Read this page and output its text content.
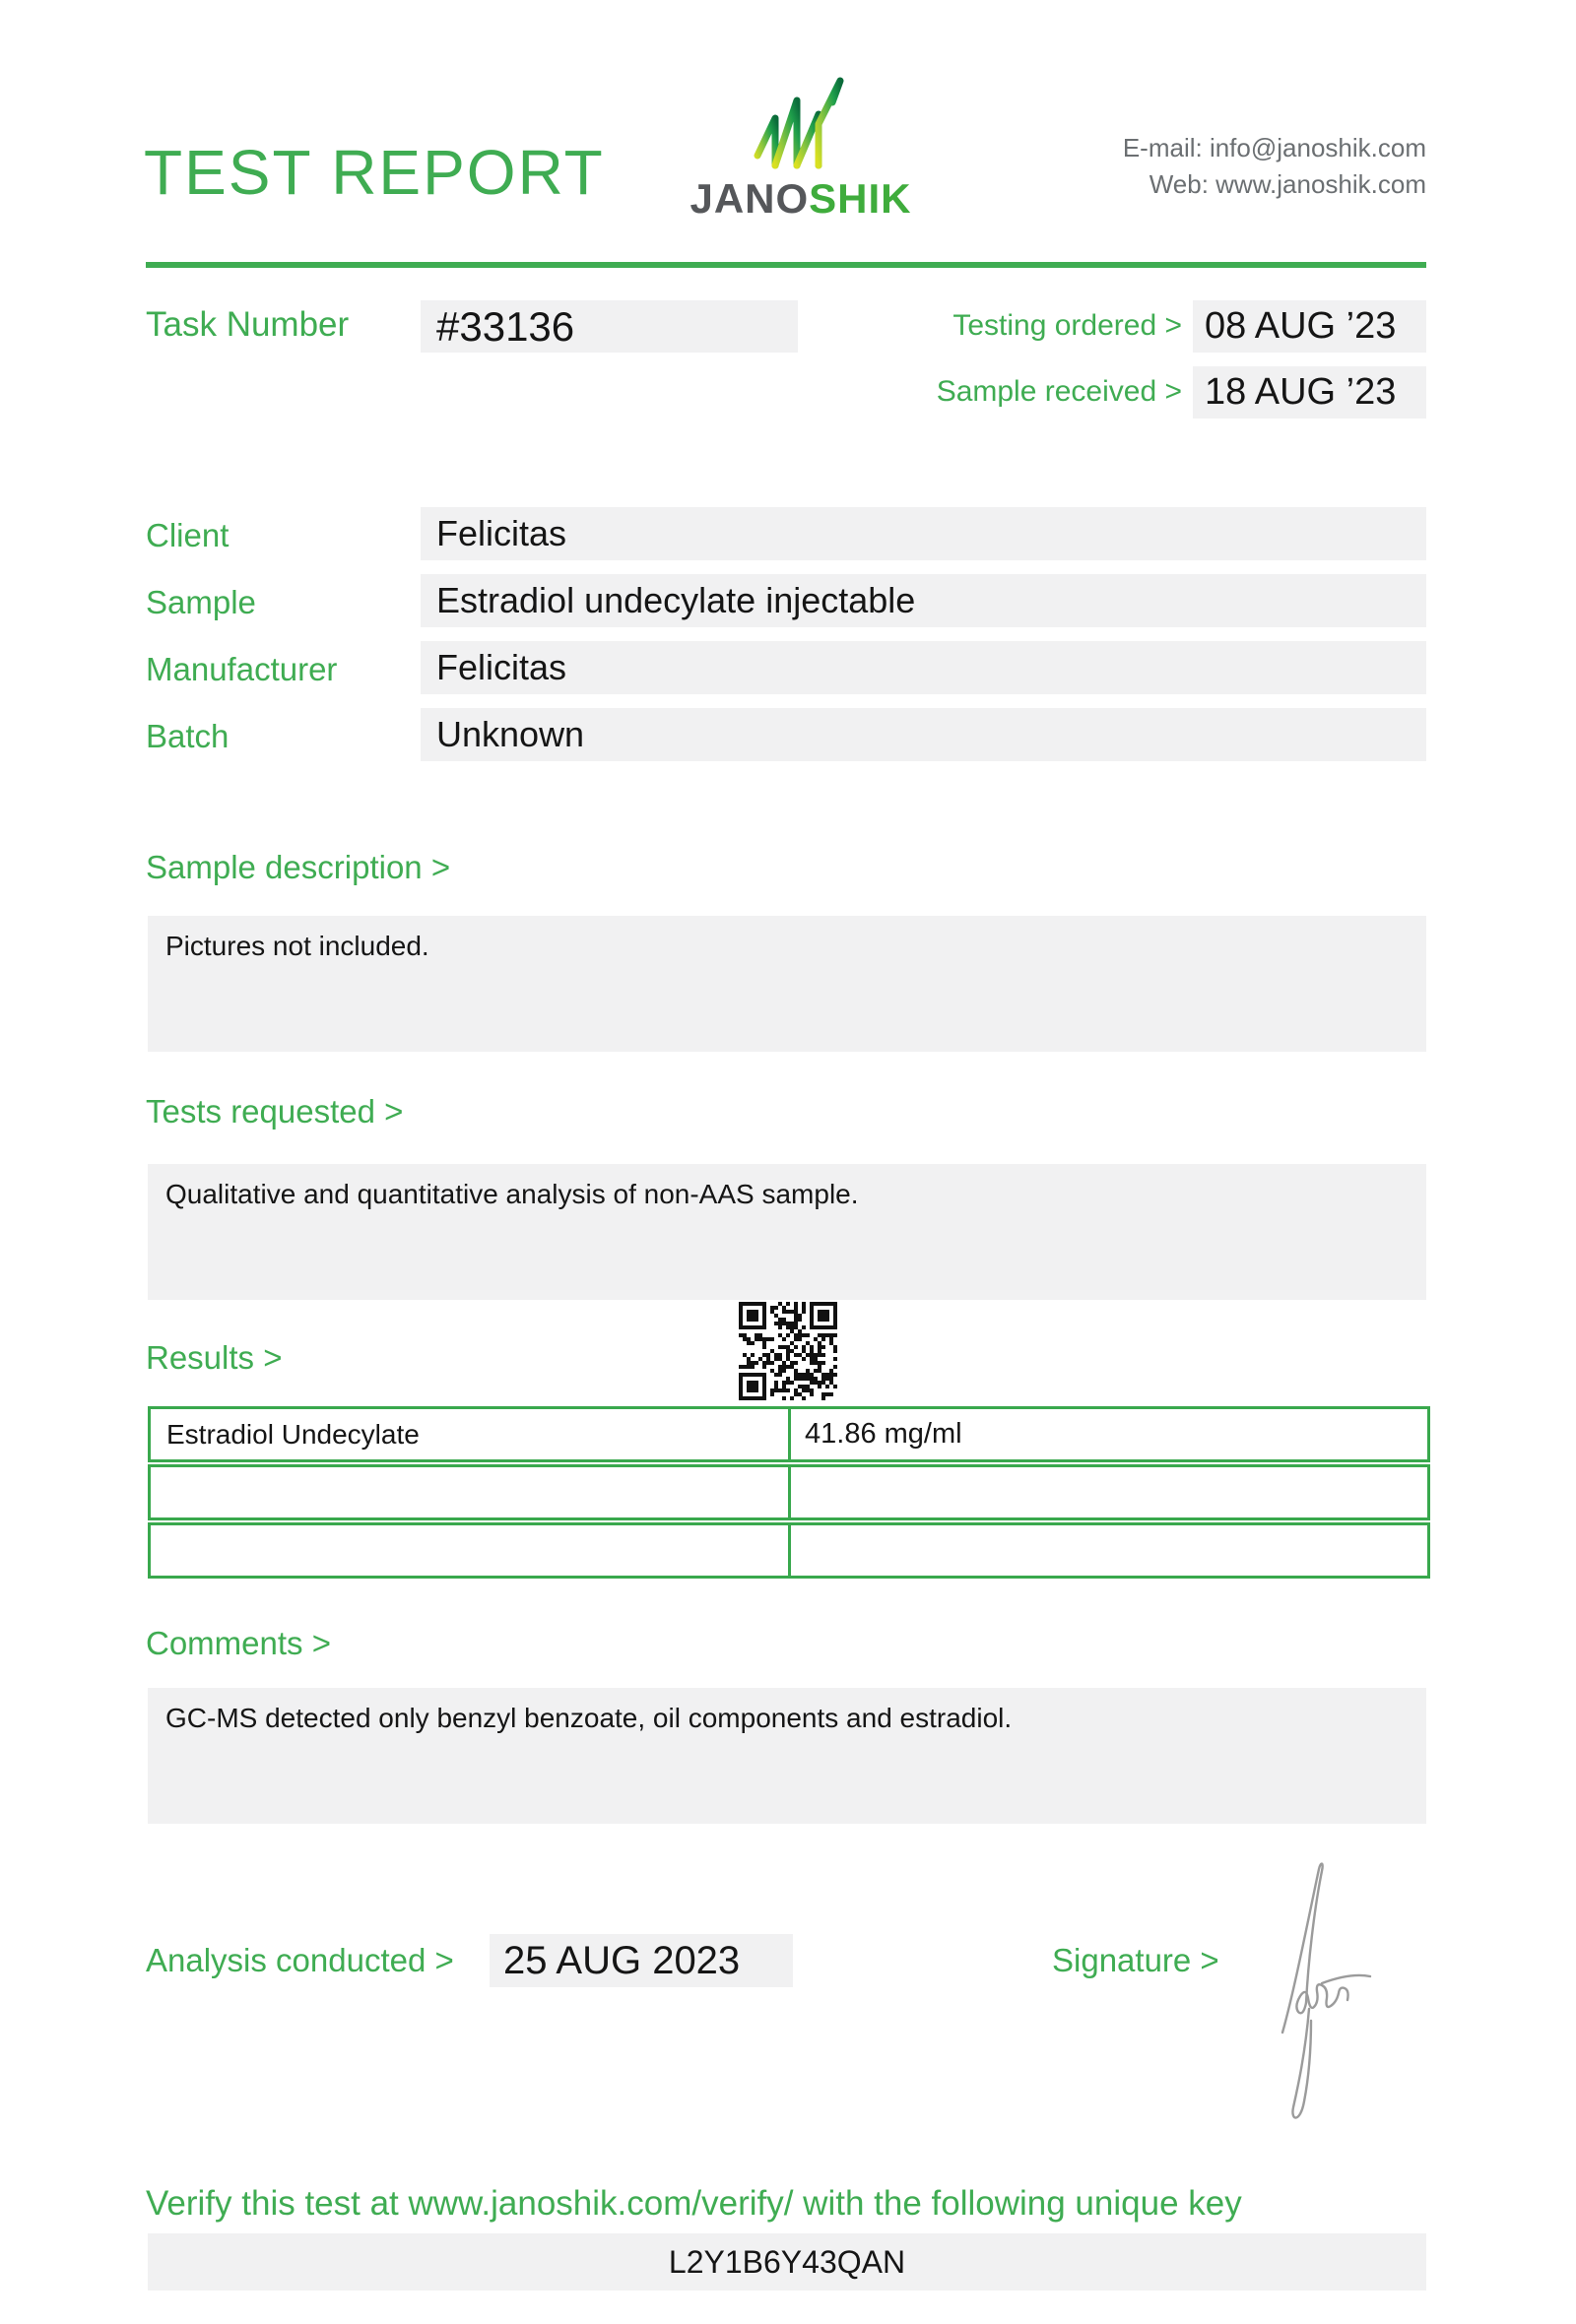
TEST REPORT JANOSHIK
E-mail: info@janoshik.com
Web: www.janoshik.com
Task Number	#33136	Testing ordered > 08 AUG ’23
Sample received > 18 AUG ’23
Client	Felicitas
Sample	Estradiol undecylate injectable
Manufacturer	Felicitas
Batch	Unknown
Sample description >
Pictures not included.
Tests requested >
Qualitative and quantitative analysis of non-AAS sample.
Results >
Estradiol Undecylate	41.86 mg/ml
Comments >
GC-MS detected only benzyl benzoate, oil components and estradiol.
Analysis conducted >	25 AUG 2023	Signature >
Verify this test at www.janoshik.com/verify/ with the following unique key
L2Y1B6Y43QAN
